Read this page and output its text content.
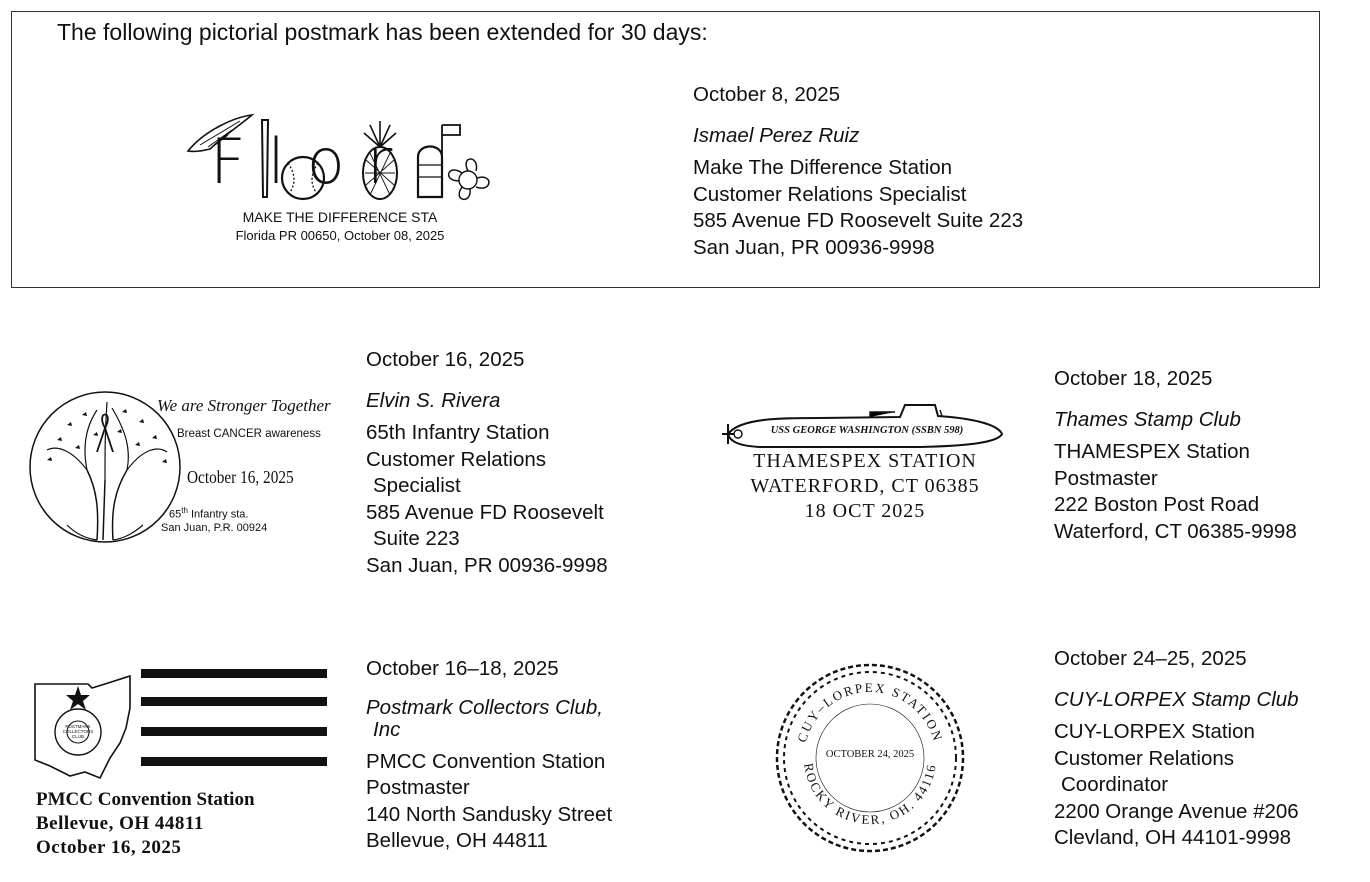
The following pictorial postmark has been extended for 30 days:
Flor
MAKE THE DIFFERENCE STA
Florida PR 00650, October 08, 2025
October 8, 2025
Ismael Perez Ruiz
Make The Difference Station
Customer Relations Specialist
585 Avenue FD Roosevelt Suite 223
San Juan, PR 00936-9998
We are Stronger Together
Breast CANCER awareness
October 16, 2025
65th Infantry sta.
San Juan, P.R. 00924
October 16, 2025
Elvin S. Rivera
65th Infantry Station
Customer Relations
Specialist
585 Avenue FD Roosevelt
Suite 223
San Juan, PR 00936-9998
USS GEORGE WASHINGTON (SSBN 598)
THAMESPEX STATION
WATERFORD, CT 06385
18 OCT 2025
October 18, 2025
Thames Stamp Club
THAMESPEX Station
Postmaster
222 Boston Post Road
Waterford, CT 06385-9998
POSTMARK COLLECTORS CLUB
PMCC Convention Station
Bellevue, OH 44811
October 16, 2025
October 16–18, 2025
Postmark Collectors Club,
Inc
PMCC Convention Station
Postmaster
140 North Sandusky Street
Bellevue, OH 44811
CUY–LORPEX STATION
ROCKY RIVER, OH. 44116
OCTOBER 24, 2025
October 24–25, 2025
CUY-LORPEX Stamp Club
CUY-LORPEX Station
Customer Relations
Coordinator
2200 Orange Avenue #206
Clevland, OH 44101-9998
